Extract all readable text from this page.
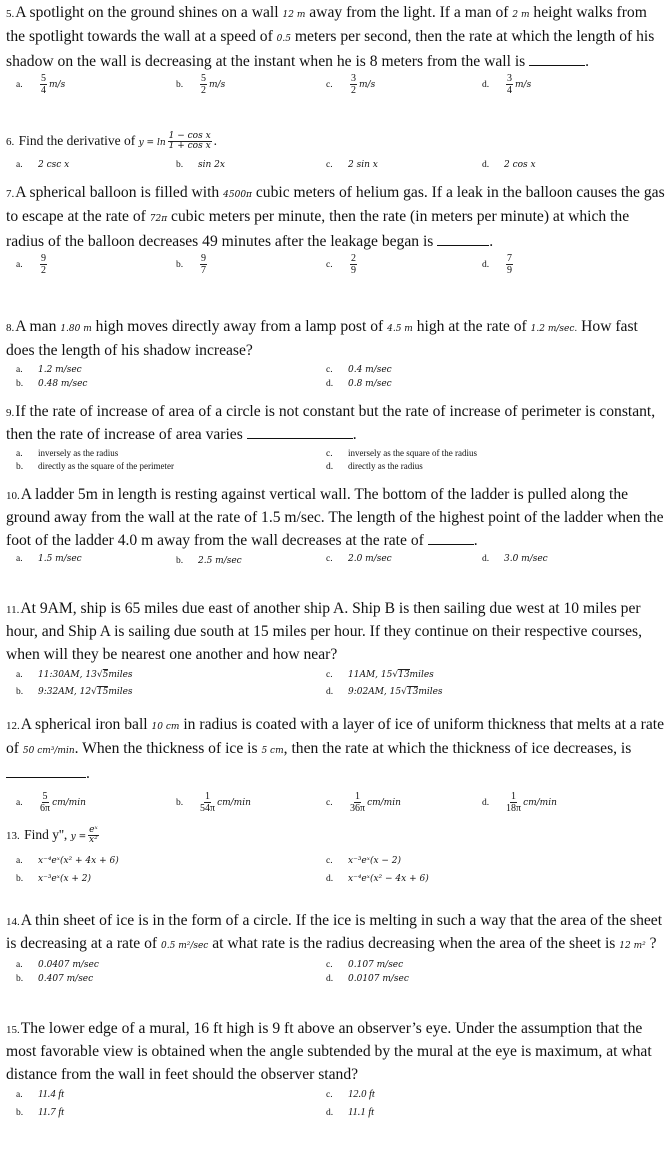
5.A spotlight on the ground shines on a wall 12 m away from the light. If a man of 2 m height walks from the spotlight towards the wall at a speed of 0.5 meters per second, then the rate at which the length of his shadow on the wall is decreasing at the instant when he is 8 meters from the wall is	.

a. $\frac{5}{4} m/s$	b. $\frac{5}{2} m/s$	c. $\frac{3}{2} m/s$	d. $\frac{3}{4} m/s$

6. Find the derivative of $y = \ln \frac{\text{1 − cos x}}{\text{1 + cos x}}$ .

a. 2 csc x	b. sin 2x	c. 2 sin x	d. 2 cos x

7.A spherical balloon is filled with 4500π cubic meters of helium gas. If a leak in the balloon causes the gas to escape at the rate of 72π cubic meters per minute, then the rate (in meters per minute) at which the radius of the balloon decreases 49 minutes after the leakage began is	.

a. $\frac{9}{2}$	b. $\frac{9}{7}$	c. $\frac{2}{9}$	d. $\frac{7}{9}$

8.A man 1.80 m high moves directly away from a lamp post of 4.5 m high at the rate of 1.2 m/sec. How fast does the length of his shadow increase?

a. 1.2 m/sec
b. 0.48 m/sec
c. 0.4 m/sec
d. 0.8 m/sec

9.If the rate of increase of area of a circle is not constant but the rate of increase of perimeter is constant, then the rate of increase of area varies	.

a. inversely as the radius
b. directly as the square of the perimeter
c. inversely as the square of the radius
d. directly as the radius

10.A ladder 5m in length is resting against vertical wall. The bottom of the ladder is pulled along the ground away from the wall at the rate of 1.5 m/sec. The length of the highest point of the ladder when the foot of the ladder 4.0 m away from the wall decreases at the rate of	.

a. 1.5 m/sec	b. 2.5 m/sec	c. 2.0 m/sec	d. 3.0 m/sec

11.At 9AM, ship is 65 miles due east of another ship A. Ship B is then sailing due west at 10 miles per hour, and Ship A is sailing due south at 15 miles per hour. If they continue on their respective courses, when will they be nearest one another and how near?

a. 11:30AM, 13√5miles
b. 9:32AM, 12√15miles
c. 11AM, 15√13miles
d. 9:02AM, 15√13miles

12.A spherical iron ball 10 cm in radius is coated with a layer of ice of uniform thickness that melts at a rate of 50 cm³/min. When the thickness of ice is 5 cm, then the rate at which the thickness of ice decreases, is .

a. $\frac{5}{6\pi} cm/\min$	b. $\frac{1}{54\pi} cm/\min$	c. $\frac{1}{36\pi} cm/\min$	d. $\frac{1}{18\pi} cm/\min$

13. Find y'', $y = \frac{\text{eˣ}}{\text{x²}}$

a. x⁻⁴eˣ(x² + 4x + 6)
b. x⁻³eˣ(x + 2)
c. x⁻³eˣ(x − 2)
d. x⁻⁴eˣ(x² − 4x + 6)

14.A thin sheet of ice is in the form of a circle. If the ice is melting in such a way that the area of the sheet is decreasing at a rate of 0.5 m²/sec at what rate is the radius decreasing when the area of the sheet is 12 m² ?

a. 0.0407 m/sec
b. 0.407 m/sec
c. 0.107 m/sec
d. 0.0107 m/sec

15.The lower edge of a mural, 16 ft high is 9 ft above an observer’s eye. Under the assumption that the most favorable view is obtained when the angle subtended by the mural at the eye is maximum, at what distance from the wall in feet should the observer stand?

a. 11.4 ft
b. 11.7 ft
c. 12.0 ft
d. 11.1 ft
